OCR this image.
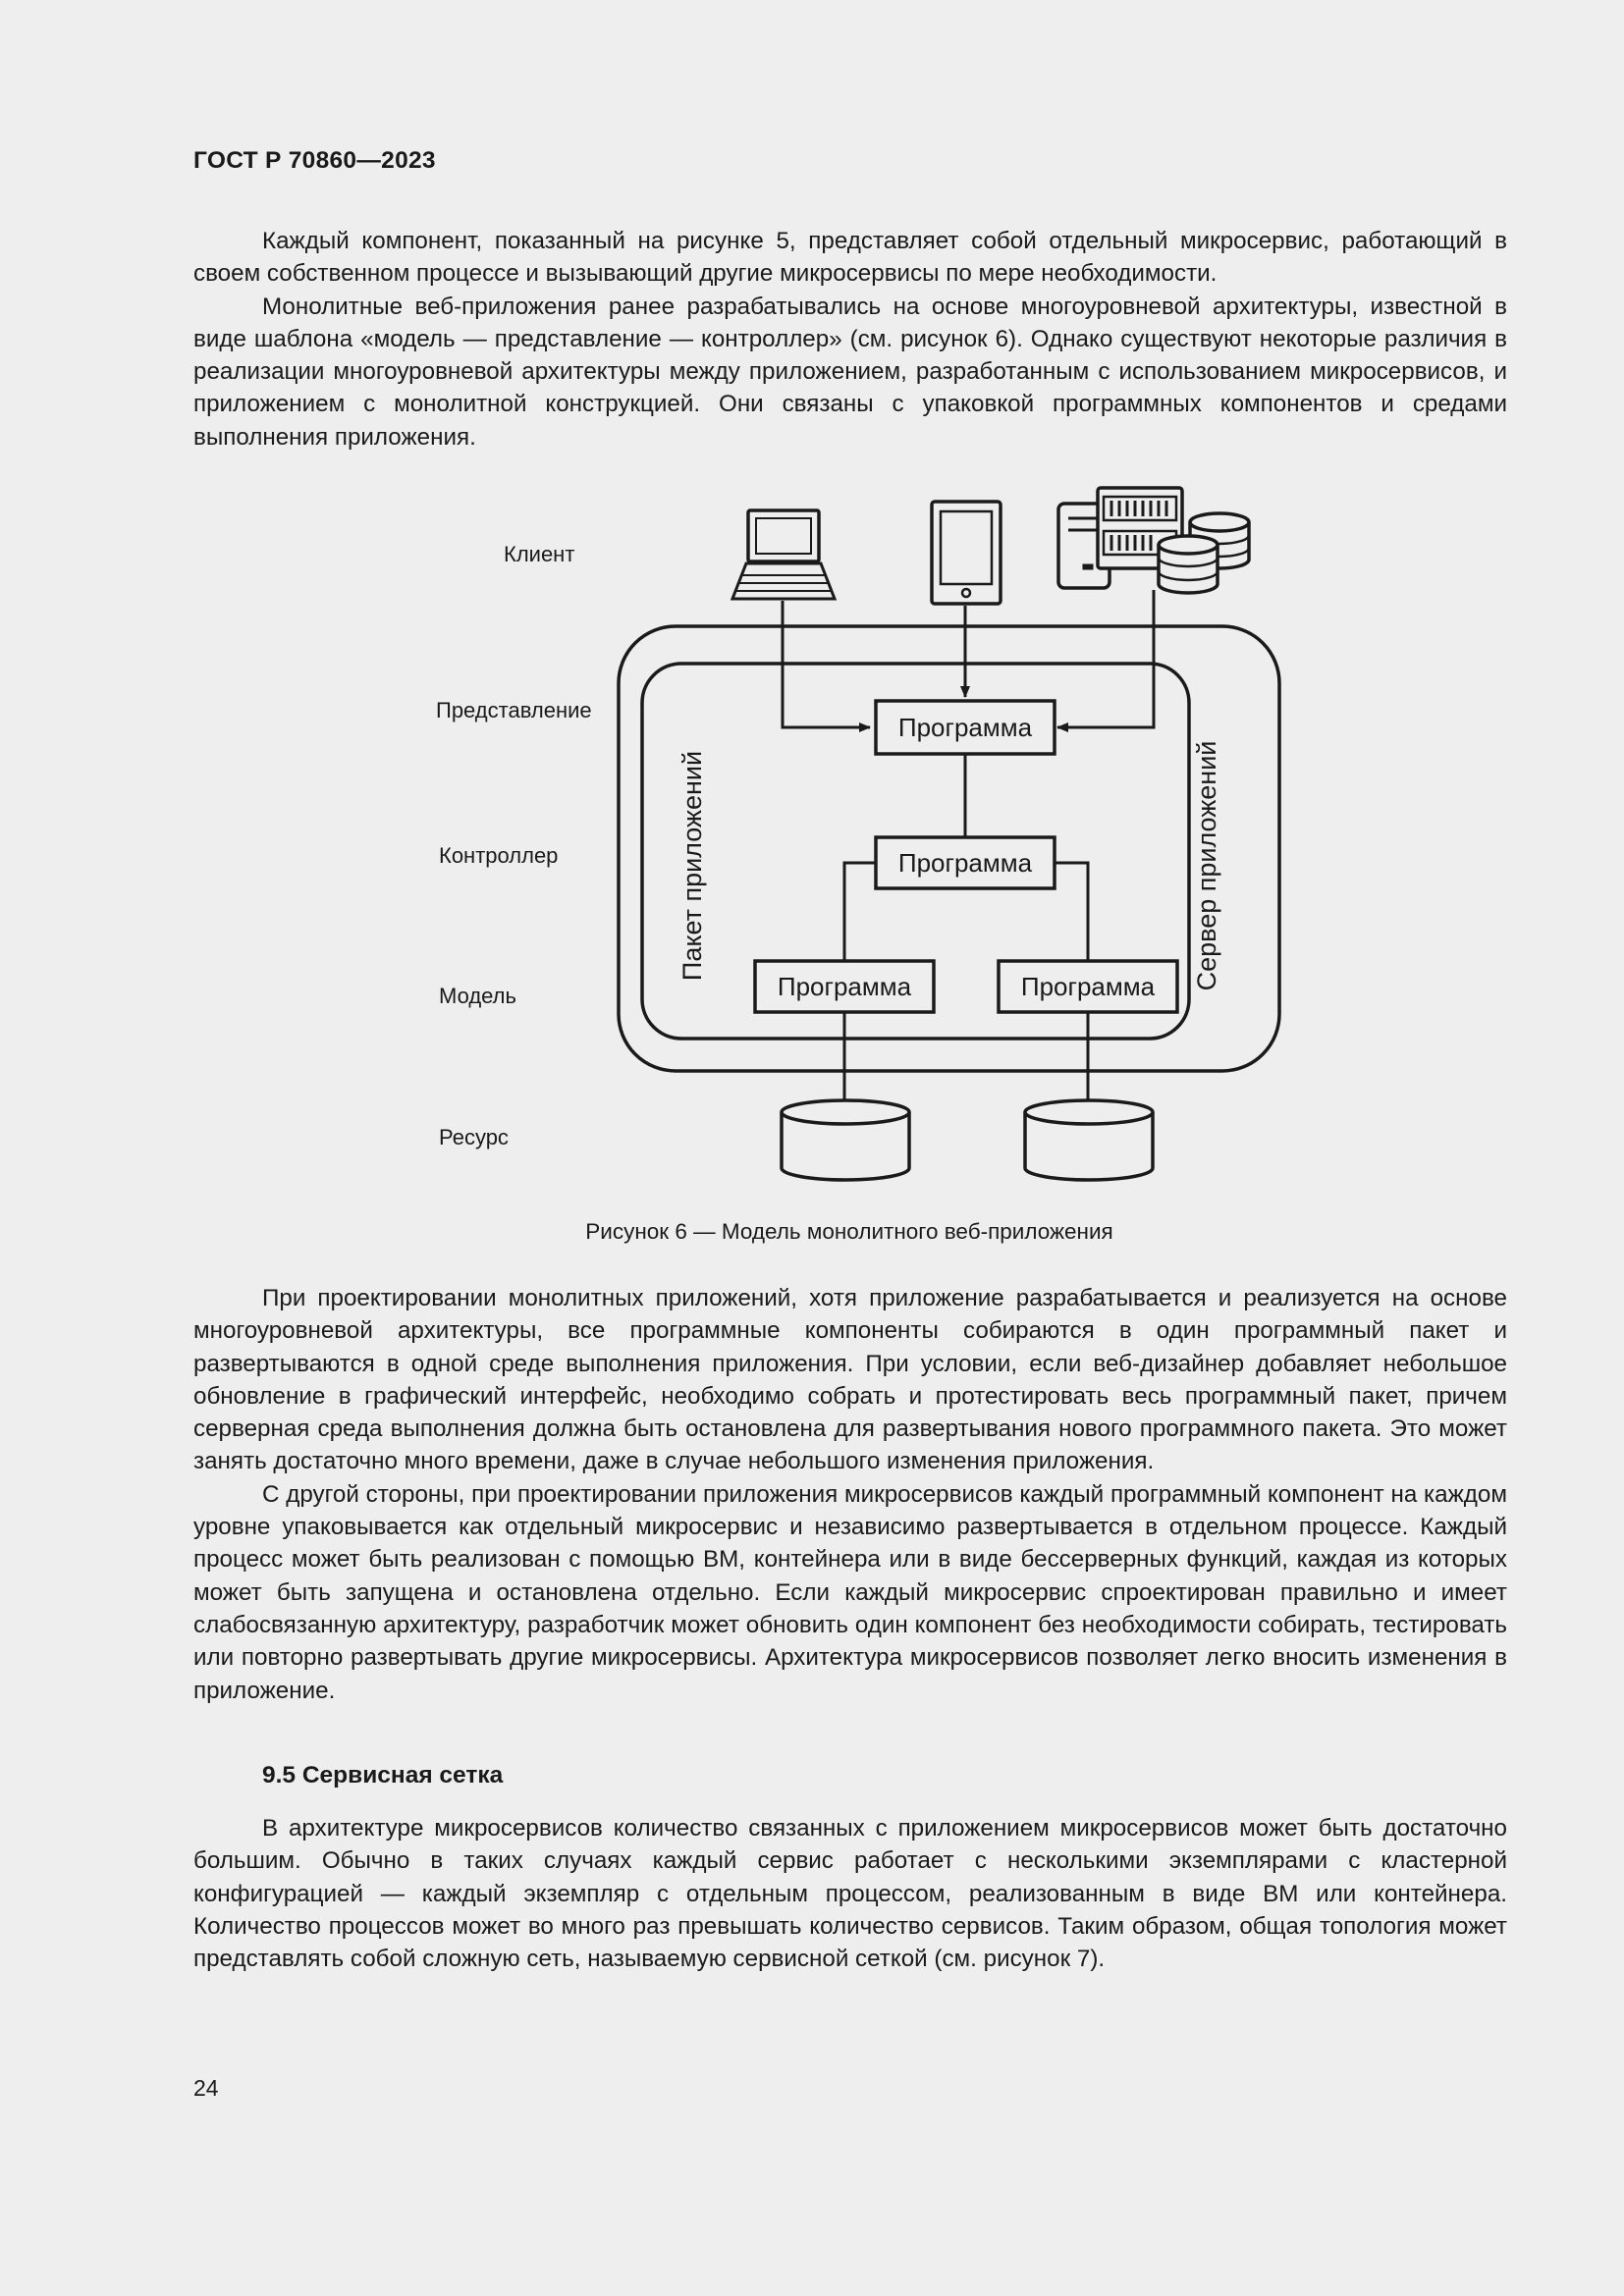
ГОСТ Р 70860—2023

Каждый компонент, показанный на рисунке 5, представляет собой отдельный микросервис, работающий в своем собственном процессе и вызывающий другие микросервисы по мере необходимости.

Монолитные веб-приложения ранее разрабатывались на основе многоуровневой архитектуры, известной в виде шаблона «модель — представление — контроллер» (см. рисунок 6). Однако существуют некоторые различия в реализации многоуровневой архитектуры между приложением, разработанным с использованием микросервисов, и приложением с монолитной конструкцией. Они связаны с упаковкой программных компонентов и средами выполнения приложения.

Клиент
Представление
Контроллер
Модель
Ресурс
Пакет приложений	Сервер приложений
Программа
Программа
Программа	Программа
Рисунок 6 — Модель монолитного веб-приложения

При проектировании монолитных приложений, хотя приложение разрабатывается и реализуется на основе многоуровневой архитектуры, все программные компоненты собираются в один программный пакет и развертываются в одной среде выполнения приложения. При условии, если веб-дизайнер добавляет небольшое обновление в графический интерфейс, необходимо собрать и протестировать весь программный пакет, причем серверная среда выполнения должна быть остановлена для развертывания нового программного пакета. Это может занять достаточно много времени, даже в случае небольшого изменения приложения.

С другой стороны, при проектировании приложения микросервисов каждый программный компонент на каждом уровне упаковывается как отдельный микросервис и независимо развертывается в отдельном процессе. Каждый процесс может быть реализован с помощью ВМ, контейнера или в виде бессерверных функций, каждая из которых может быть запущена и остановлена отдельно. Если каждый микросервис спроектирован правильно и имеет слабосвязанную архитектуру, разработчик может обновить один компонент без необходимости собирать, тестировать или повторно развертывать другие микросервисы. Архитектура микросервисов позволяет легко вносить изменения в приложение.

9.5 Сервисная сетка

В архитектуре микросервисов количество связанных с приложением микросервисов может быть достаточно большим. Обычно в таких случаях каждый сервис работает с несколькими экземплярами с кластерной конфигурацией — каждый экземпляр с отдельным процессом, реализованным в виде ВМ или контейнера. Количество процессов может во много раз превышать количество сервисов. Таким образом, общая топология может представлять собой сложную сеть, называемую сервисной сеткой (см. рисунок 7).

24
